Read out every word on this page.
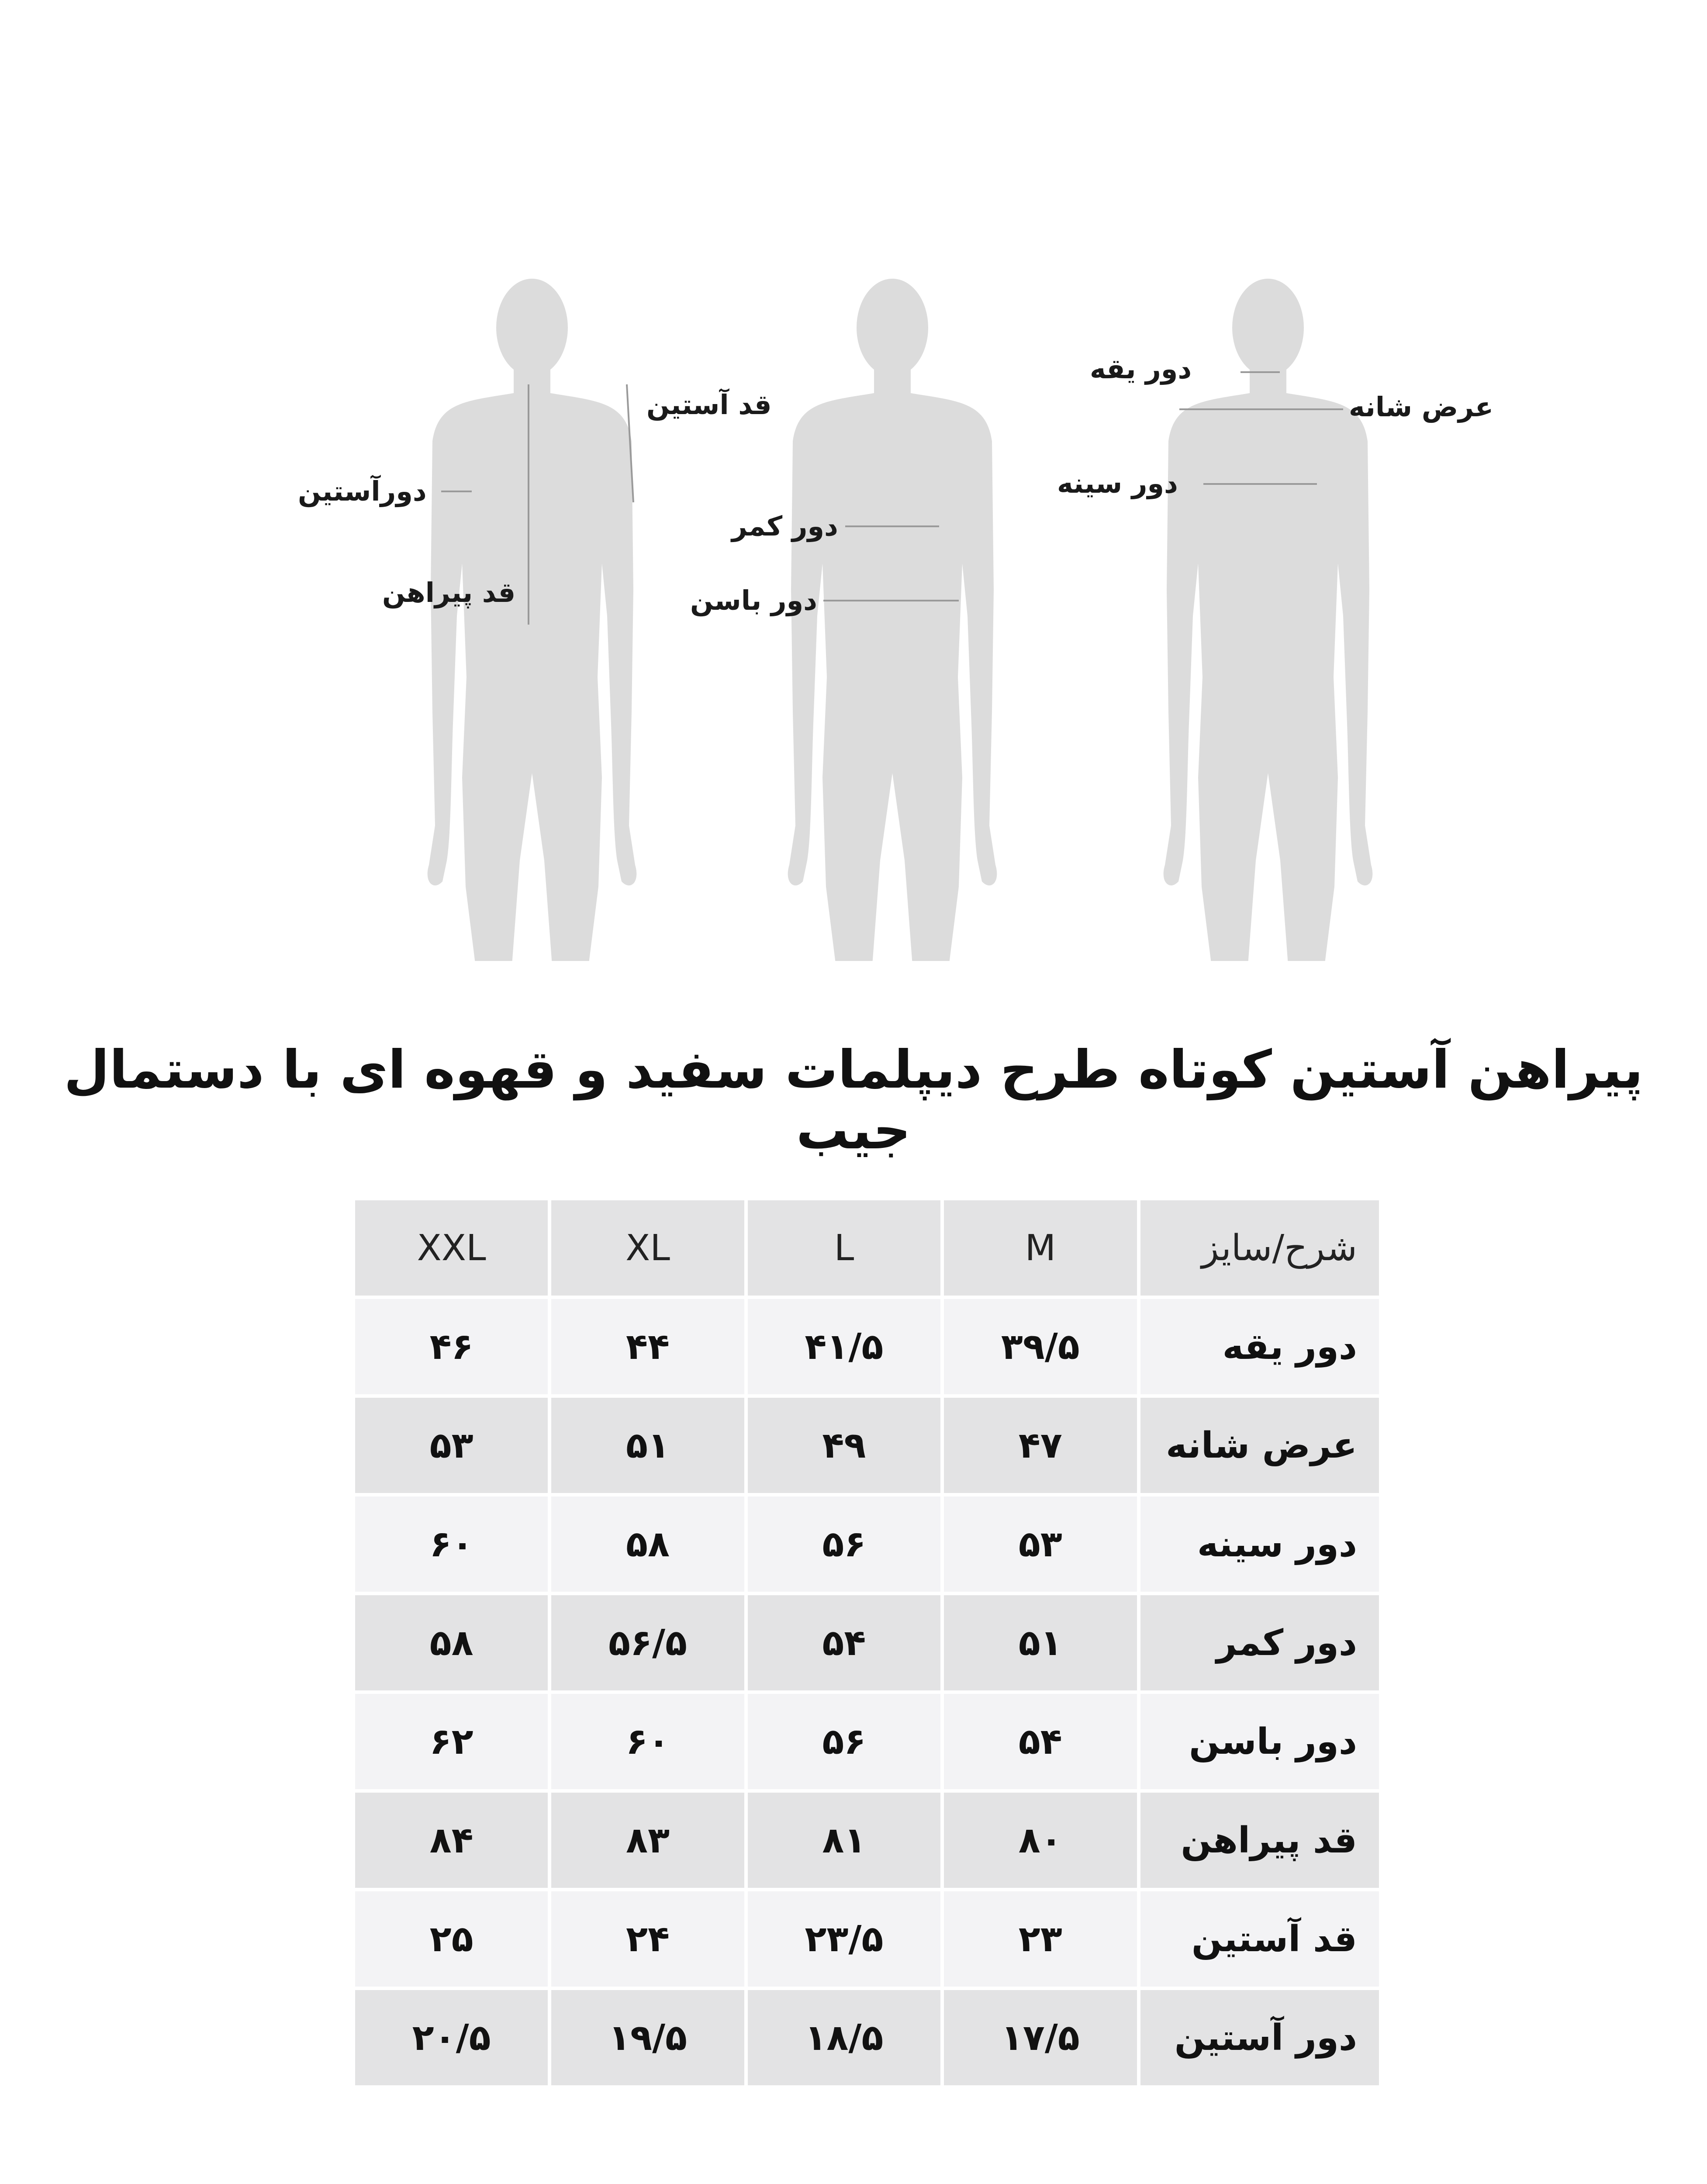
دورآستین
قد آستین
قد پیراهن
دور کمر
دور باسن
دور یقه
عرض شانه
دور سینه
پیراهن آستین کوتاه طرح دیپلمات سفید و قهوه ای با دستمال جیب
XXL	XL	L	M	شرح/سایز
۴۶	۴۴	۴۱/۵	۳۹/۵	دور یقه
۵۳	۵۱	۴۹	۴۷	عرض شانه
۶۰	۵۸	۵۶	۵۳	دور سینه
۵۸	۵۶/۵	۵۴	۵۱	دور کمر
۶۲	۶۰	۵۶	۵۴	دور باسن
۸۴	۸۳	۸۱	۸۰	قد پیراهن
۲۵	۲۴	۲۳/۵	۲۳	قد آستین
۲۰/۵	۱۹/۵	۱۸/۵	۱۷/۵	دور آستین
